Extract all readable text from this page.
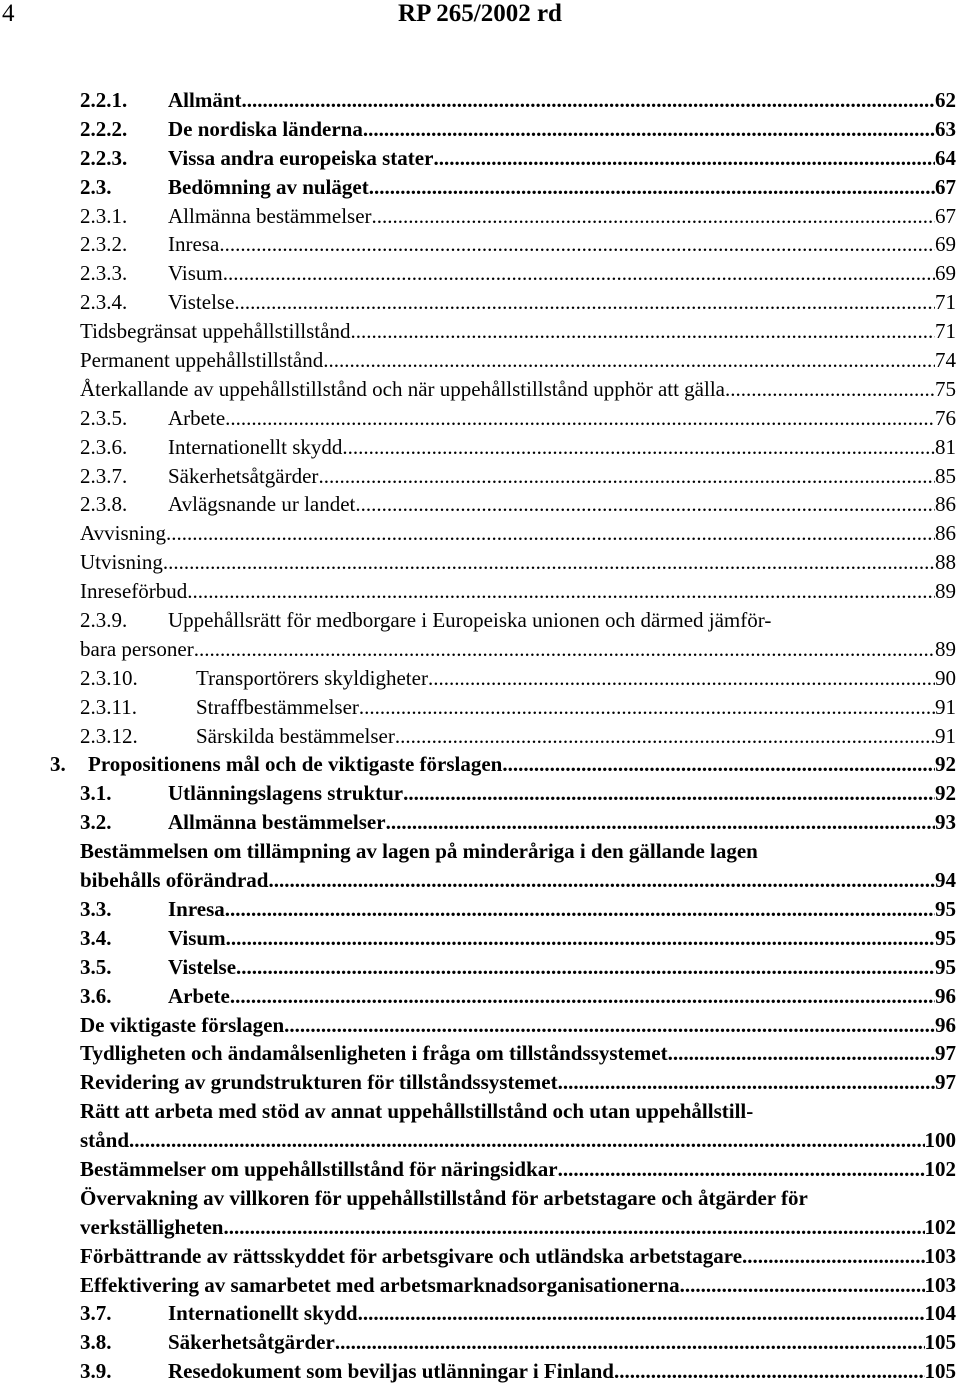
4	RP 265/2002 rd
2.2.1. Allmänt .....	62
2.2.2. De nordiska länderna .....	63
2.2.3. Vissa andra europeiska stater .....	64
2.3.	Bedömning av nuläget .....	67
2.3.1. Allmänna bestämmelser .....	67
2.3.2. Inresa .....	69
2.3.3. Visum .....	69
2.3.4. Vistelse .....	71
Tidsbegränsat uppehållstillstånd .....	71
Permanent uppehållstillstånd .....	74
Återkallande av uppehållstillstånd och när uppehållstillstånd upphör att gälla .....	75
2.3.5. Arbete .....	76
2.3.6. Internationellt skydd .....	81
2.3.7. Säkerhetsåtgärder .....	85
2.3.8. Avlägsnande ur landet .....	86
Avvisning .....	86
Utvisning .....	88
Inreseförbud .....	89
2.3.9. Uppehållsrätt för medborgare i Europeiska unionen och därmed jämför-
bara personer .....	89
2.3.10.	Transportörers skyldigheter .....	90
2.3.11.	Straffbestämmelser .....	91
2.3.12.	Särskilda bestämmelser .....	91
3. Propositionens mål och de viktigaste förslagen .....	92
3.1.	Utlänningslagens struktur .....	92
3.2.	Allmänna bestämmelser .....	93
Bestämmelsen om tillämpning av lagen på minderåriga i den gällande lagen
bibehålls oförändrad. .....	94
3.3.	Inresa .....	95
3.4.	Visum .....	95
3.5.	Vistelse .....	95
3.6.	Arbete .....	96
De viktigaste förslagen .....	96
Tydligheten och ändamålsenligheten i fråga om tillståndssystemet .....	97
Revidering av grundstrukturen för tillståndssystemet .....	97
Rätt att arbeta med stöd av annat uppehållstillstånd och utan uppehållstill-
stånd .....	100
Bestämmelser om uppehållstillstånd för näringsidkar .....	102
Övervakning av villkoren för uppehållstillstånd för arbetstagare och åtgärder för
verkställigheten .....	102
Förbättrande av rättsskyddet för arbetsgivare och utländska arbetstagare .....	103
Effektivering av samarbetet med arbetsmarknadsorganisationerna .....	103
3.7.	Internationellt skydd .....	104
3.8.	Säkerhetsåtgärder .....	105
3.9.	Resedokument som beviljas utlänningar i Finland .....	105
